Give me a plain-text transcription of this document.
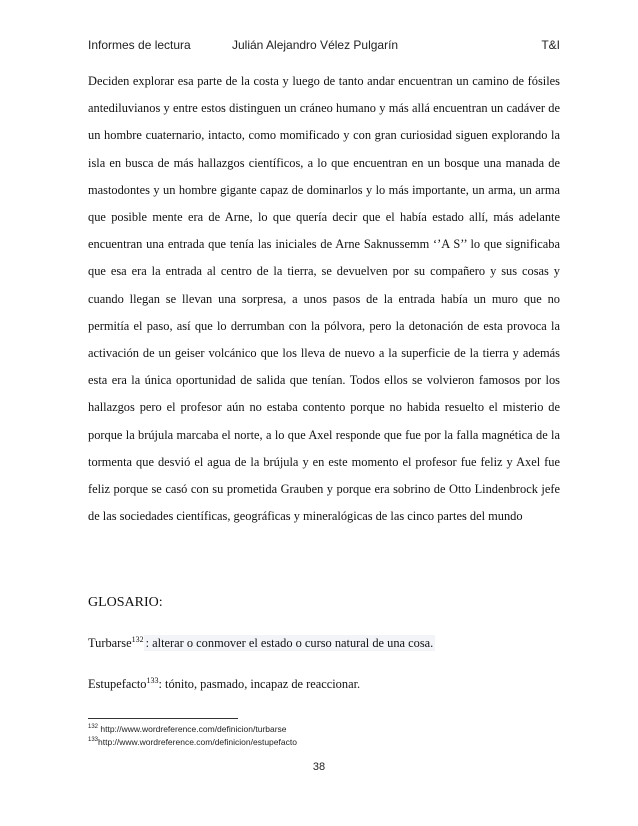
Informes de lectura	Julián Alejandro Vélez Pulgarín	T&I

Deciden explorar esa parte de la costa y luego de tanto andar encuentran un camino de fósiles antediluvianos y entre estos distinguen un cráneo humano y más allá encuentran un cadáver de un hombre cuaternario, intacto, como momificado y con gran curiosidad siguen explorando la isla en busca de más hallazgos científicos, a lo que encuentran en un bosque una manada de mastodontes y un hombre gigante capaz de dominarlos y lo más importante, un arma, un arma que posible mente era de Arne, lo que quería decir que el había estado allí, más adelante encuentran una entrada que tenía las iniciales de Arne Saknussemm ‘’A S’’ lo que significaba que esa era la entrada al centro de la tierra, se devuelven por su compañero y sus cosas y cuando llegan se llevan una sorpresa, a unos pasos de la entrada había un muro que no permitía el paso, así que lo derrumban con la pólvora, pero la detonación de esta provoca la activación de un geiser volcánico que los lleva de nuevo a la superficie de la tierra y además esta era la única oportunidad de salida que tenían. Todos ellos se volvieron famosos por los hallazgos pero el profesor aún no estaba contento porque no habida resuelto el misterio de porque la brújula marcaba el norte, a lo que Axel responde que fue por la falla magnética de la tormenta que desvió el agua de la brújula y en este momento el profesor fue feliz y Axel fue feliz porque se casó con su prometida Grauben y porque era sobrino de Otto Lindenbrock jefe de las sociedades científicas, geográficas y mineralógicas de las cinco partes del mundo

GLOSARIO:

Turbarse$^{132}$ : alterar o conmover el estado o curso natural de una cosa.

Estupefacto$^{133}$: tónito, pasmado, incapaz de reaccionar.

$^{132}$ http://www.wordreference.com/definicion/turbarse
$^{133}$http://www.wordreference.com/definicion/estupefacto
38
